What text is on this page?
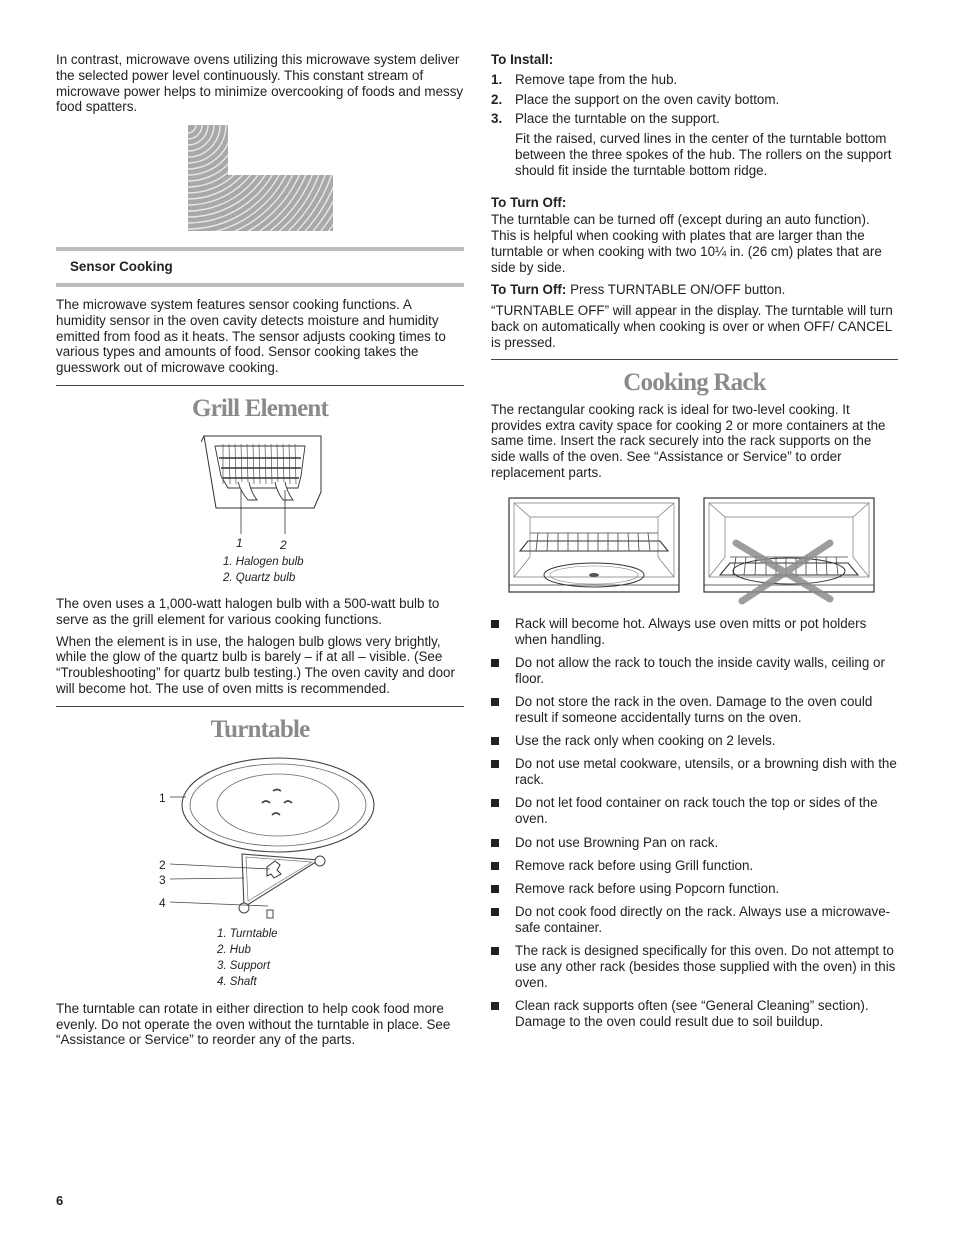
In contrast, microwave ovens utilizing this microwave system deliver the selected power level continuously. This constant stream of microwave power helps to minimize overcooking of foods and messy food spatters.

Sensor Cooking

The microwave system features sensor cooking functions. A humidity sensor in the oven cavity detects moisture and humidity emitted from food as it heats. The sensor adjusts cooking times to various types and amounts of food. Sensor cooking takes the guesswork out of microwave cooking.

Grill Element
1	2
1. Halogen bulb
2. Quartz bulb

The oven uses a 1,000-watt halogen bulb with a 500-watt bulb to serve as the grill element for various cooking functions.

When the element is in use, the halogen bulb glows very brightly, while the glow of the quartz bulb is barely – if at all – visible. (See “Troubleshooting” for quartz bulb testing.) The oven cavity and door will become hot. The use of oven mitts is recommended.

Turntable
1
2
3
4
1. Turntable
2. Hub
3. Support
4. Shaft

The turntable can rotate in either direction to help cook food more evenly. Do not operate the oven without the turntable in place. See “Assistance or Service” to reorder any of the parts.

To Install:
1. Remove tape from the hub.
2. Place the support on the oven cavity bottom.
3. Place the turntable on the support.

Fit the raised, curved lines in the center of the turntable bottom between the three spokes of the hub. The rollers on the support should fit inside the turntable bottom ridge.

To Turn Off:

The turntable can be turned off (except during an auto function). This is helpful when cooking with plates that are larger than the turntable or when cooking with two 10¼ in. (26 cm) plates that are side by side.

To Turn Off: Press TURNTABLE ON/OFF button.

“TURNTABLE OFF” will appear in the display. The turntable will turn back on automatically when cooking is over or when OFF/ CANCEL is pressed.

Cooking Rack

The rectangular cooking rack is ideal for two-level cooking. It provides extra cavity space for cooking 2 or more containers at the same time. Insert the rack securely into the rack supports on the side walls of the oven. See “Assistance or Service” to order replacement parts.

Rack will become hot. Always use oven mitts or pot holders when handling.
Do not allow the rack to touch the inside cavity walls, ceiling or floor.
Do not store the rack in the oven. Damage to the oven could result if someone accidentally turns on the oven.
Use the rack only when cooking on 2 levels.
Do not use metal cookware, utensils, or a browning dish with the rack.
Do not let food container on rack touch the top or sides of the oven.
Do not use Browning Pan on rack.
Remove rack before using Grill function.
Remove rack before using Popcorn function.
Do not cook food directly on the rack. Always use a microwave-safe container.
The rack is designed specifically for this oven. Do not attempt to use any other rack (besides those supplied with the oven) in this oven.
Clean rack supports often (see “General Cleaning” section). Damage to the oven could result due to soil buildup.
6
